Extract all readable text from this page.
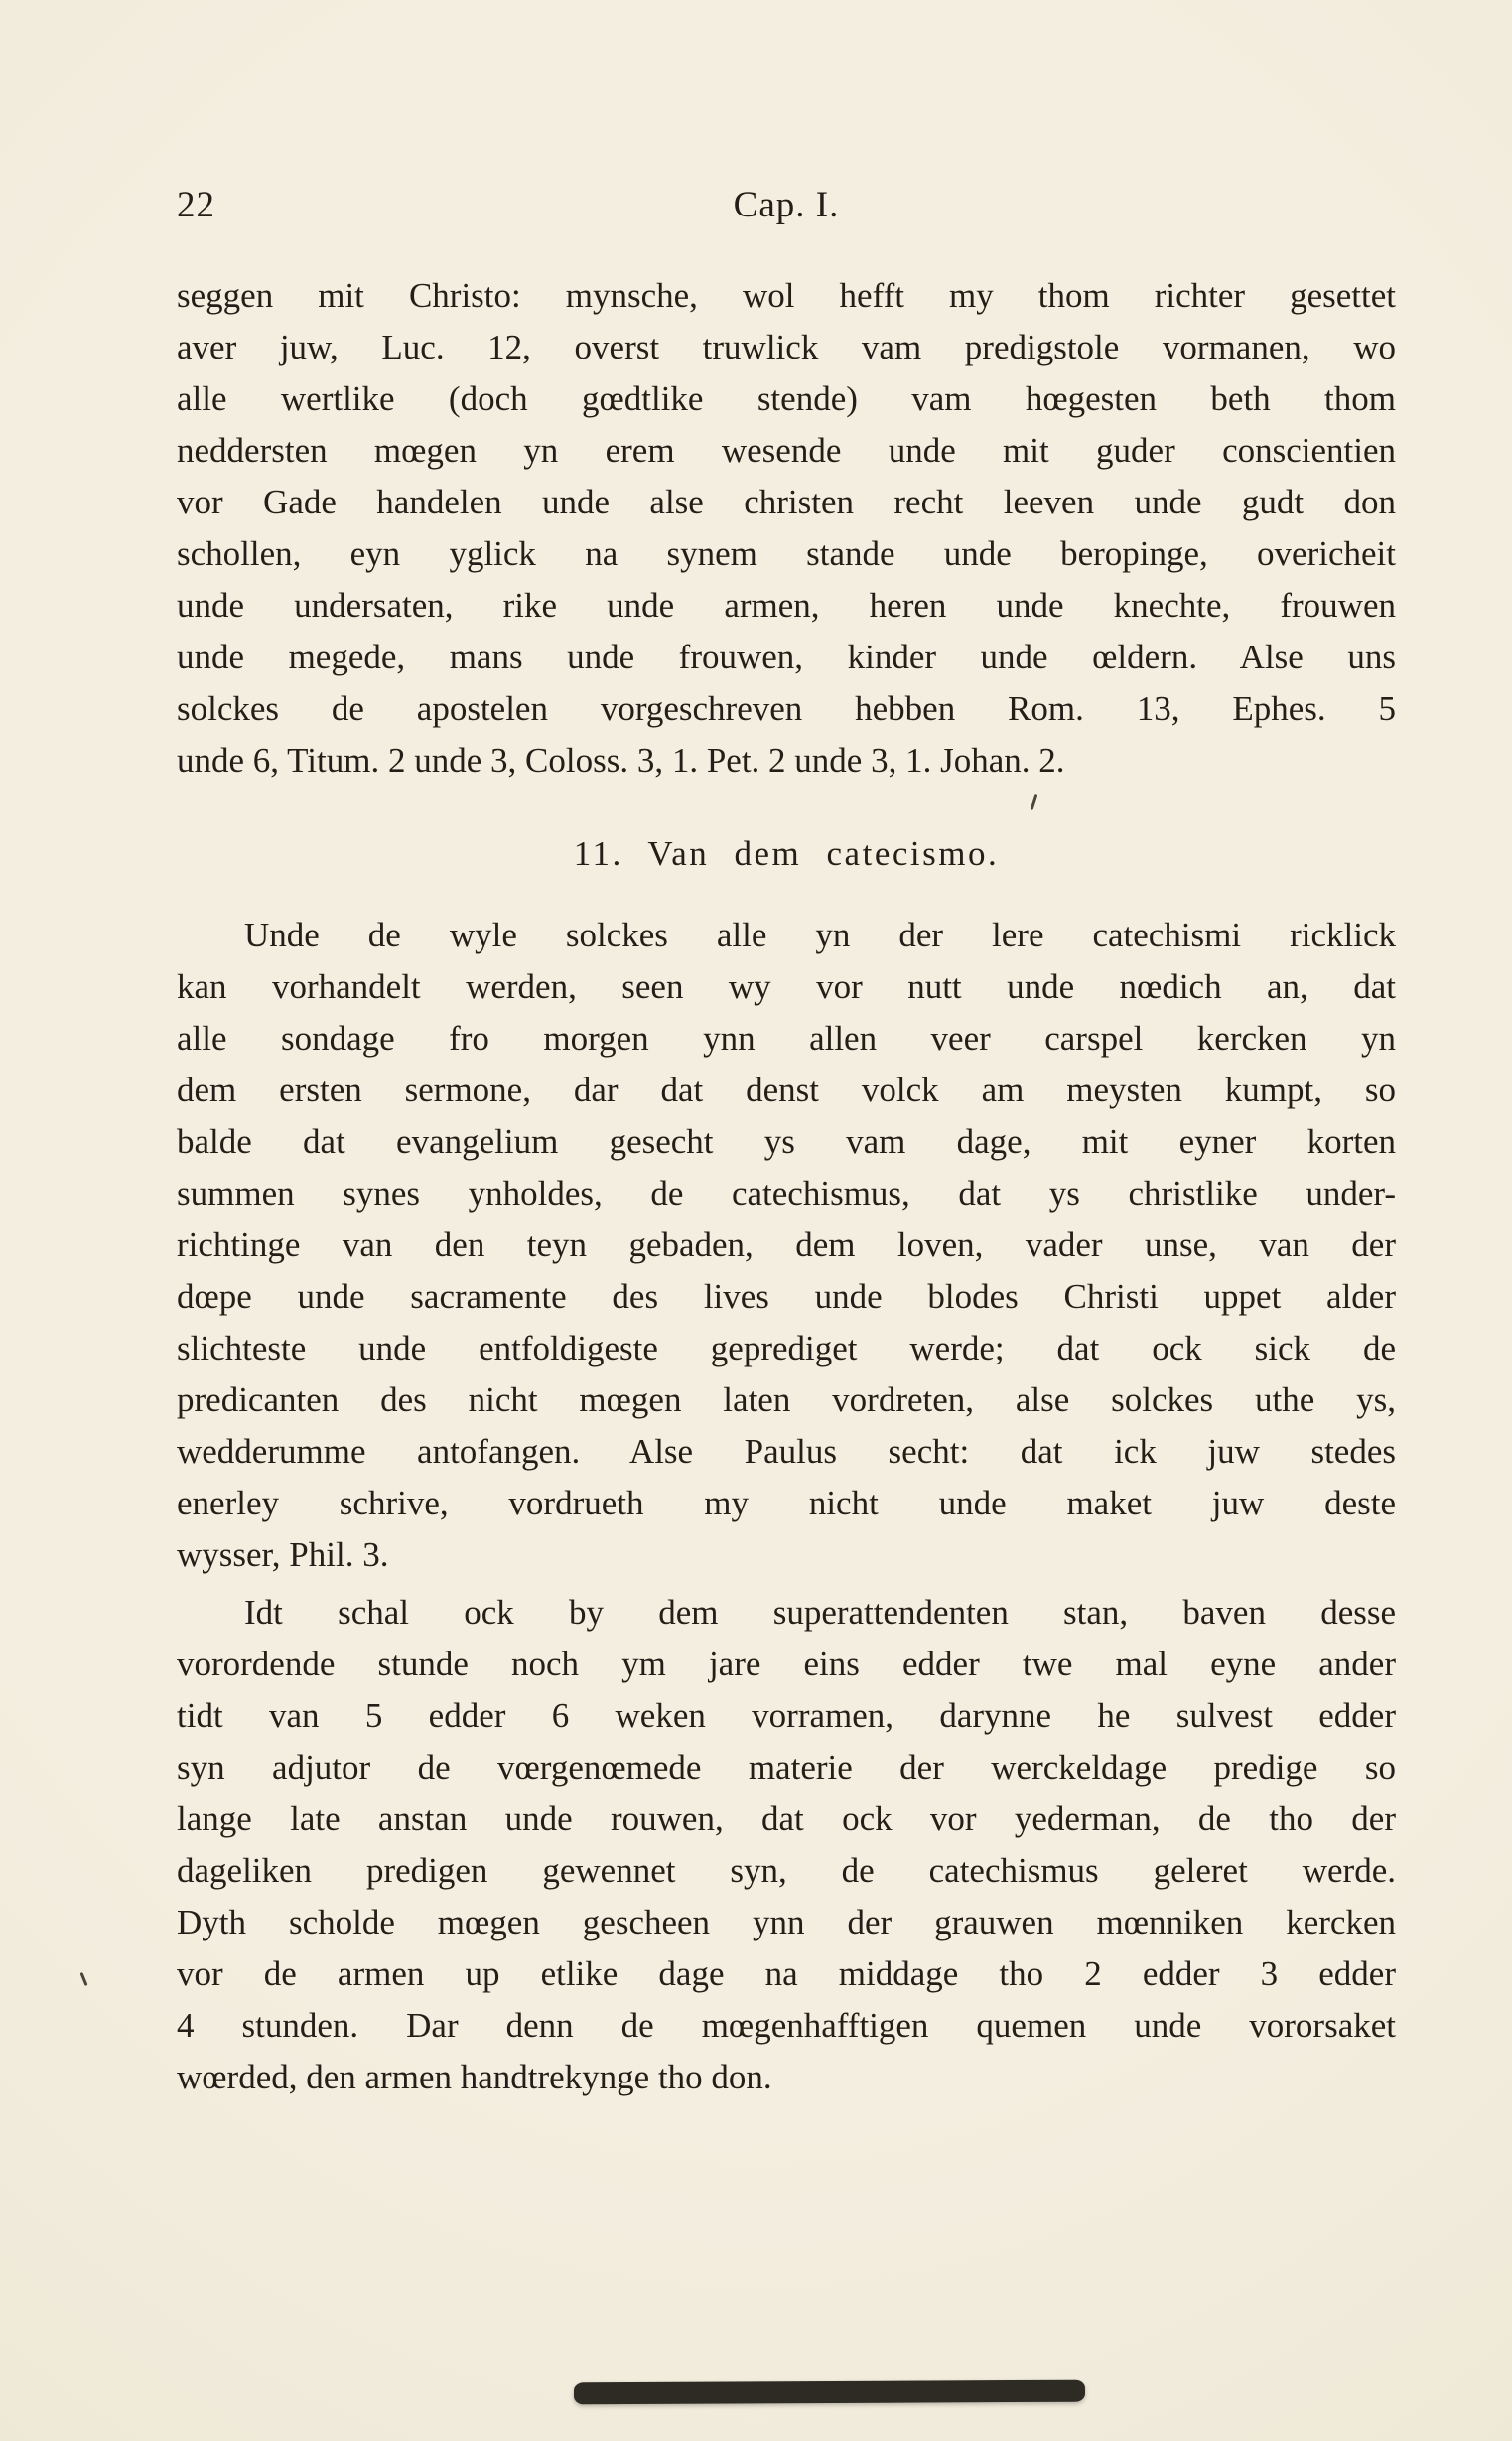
22	Cap. I.
seggen mit Christo: mynsche, wol hefft my thom richter gesettet
aver juw, Luc. 12, overst truwlick vam predigstole vormanen, wo
alle wertlike (doch gœdtlike stende) vam hœgesten beth thom
neddersten mœgen yn erem wesende unde mit guder conscientien
vor Gade handelen unde alse christen recht leeven unde gudt don
schollen, eyn yglick na synem stande unde beropinge, overicheit
unde undersaten, rike unde armen, heren unde knechte, frouwen
unde megede, mans unde frouwen, kinder unde œldern. Alse uns
solckes de apostelen vorgeschreven hebben Rom. 13, Ephes. 5
unde 6, Titum. 2 unde 3, Coloss. 3, 1. Pet. 2 unde 3, 1. Johan. 2.
11. Van dem catecismo.
Unde de wyle solckes alle yn der lere catechismi ricklick
kan vorhandelt werden, seen wy vor nutt unde nœdich an, dat
alle sondage fro morgen ynn allen veer carspel kercken yn
dem ersten sermone, dar dat denst volck am meysten kumpt, so
balde dat evangelium gesecht ys vam dage, mit eyner korten
summen synes ynholdes, de catechismus, dat ys christlike under-
richtinge van den teyn gebaden, dem loven, vader unse, van der
dœpe unde sacramente des lives unde blodes Christi uppet alder
slichteste unde entfoldigeste geprediget werde; dat ock sick de
predicanten des nicht mœgen laten vordreten, alse solckes uthe ys,
wedderumme antofangen. Alse Paulus secht: dat ick juw stedes
enerley schrive, vordrueth my nicht unde maket juw deste
wysser, Phil. 3.
Idt schal ock by dem superattendenten stan, baven desse
vorordende stunde noch ym jare eins edder twe mal eyne ander
tidt van 5 edder 6 weken vorramen, darynne he sulvest edder
syn adjutor de vœrgenœmede materie der werckeldage predige so
lange late anstan unde rouwen, dat ock vor yederman, de tho der
dageliken predigen gewennet syn, de catechismus geleret werde.
Dyth scholde mœgen gescheen ynn der grauwen mœnniken kercken
vor de armen up etlike dage na middage tho 2 edder 3 edder
4 stunden. Dar denn de mœgenhafftigen quemen unde vororsaket
wœrded, den armen handtrekynge tho don.
